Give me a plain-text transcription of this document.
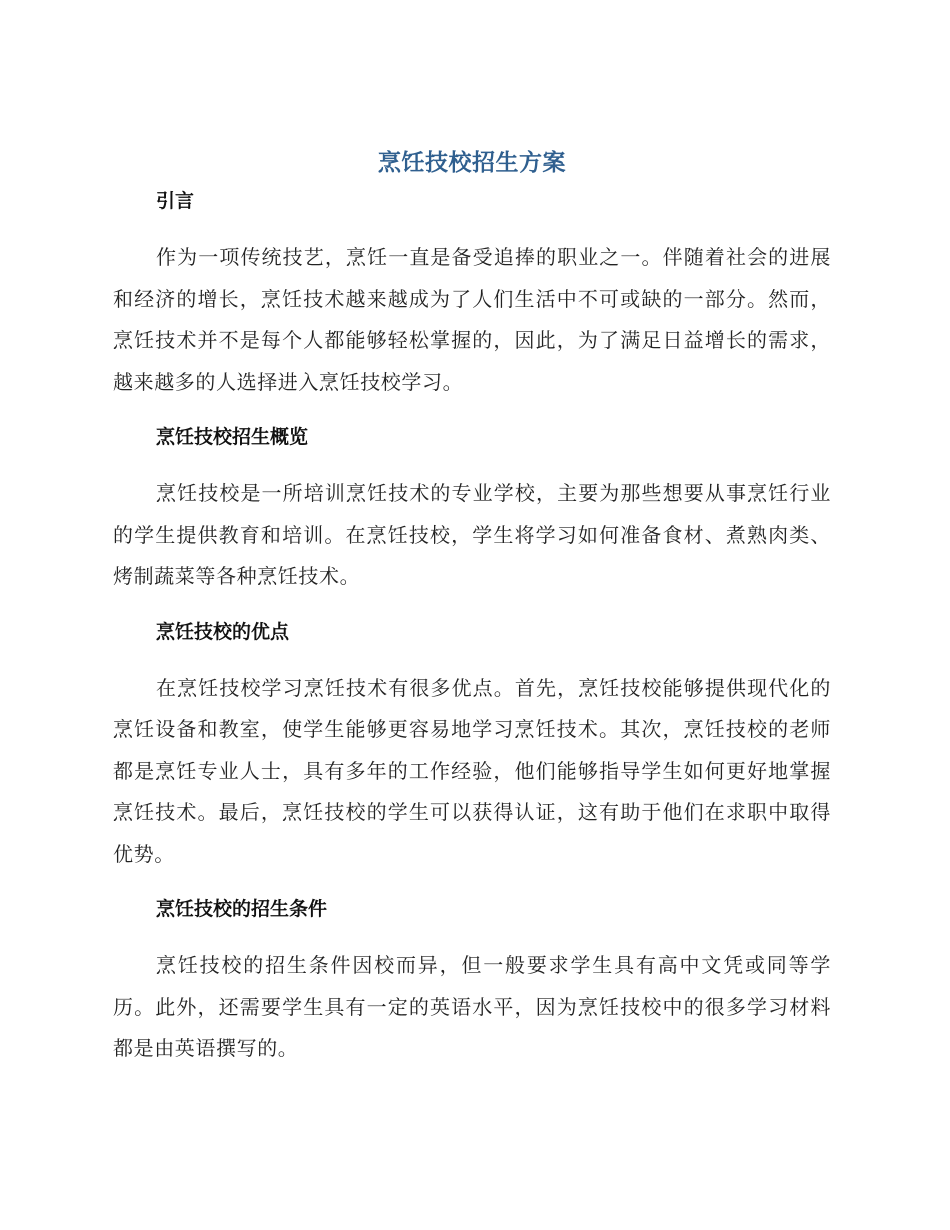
烹饪技校招生方案
引言

作为一项传统技艺，烹饪一直是备受追捧的职业之一。伴随着社会的进展和经济的增长，烹饪技术越来越成为了人们生活中不可或缺的一部分。然而，烹饪技术并不是每个人都能够轻松掌握的，因此，为了满足日益增长的需求，越来越多的人选择进入烹饪技校学习。

烹饪技校招生概览

烹饪技校是一所培训烹饪技术的专业学校，主要为那些想要从事烹饪行业的学生提供教育和培训。在烹饪技校，学生将学习如何准备食材、煮熟肉类、烤制蔬菜等各种烹饪技术。

烹饪技校的优点

在烹饪技校学习烹饪技术有很多优点。首先，烹饪技校能够提供现代化的烹饪设备和教室，使学生能够更容易地学习烹饪技术。其次，烹饪技校的老师都是烹饪专业人士，具有多年的工作经验，他们能够指导学生如何更好地掌握烹饪技术。最后，烹饪技校的学生可以获得认证，这有助于他们在求职中取得优势。

烹饪技校的招生条件

烹饪技校的招生条件因校而异，但一般要求学生具有高中文凭或同等学历。此外，还需要学生具有一定的英语水平，因为烹饪技校中的很多学习材料都是由英语撰写的。
